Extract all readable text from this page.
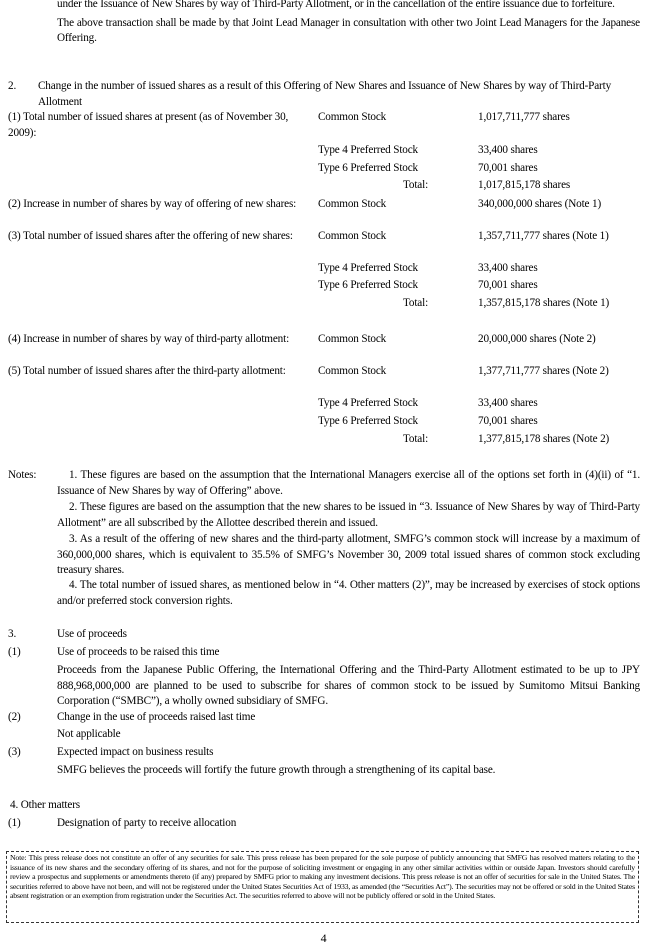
under the Issuance of New Shares by way of Third-Party Allotment, or in the cancellation of the entire issuance due to forfeiture.

The above transaction shall be made by that Joint Lead Manager in consultation with other two Joint Lead Managers for the Japanese Offering.

2. Change in the number of issued shares as a result of this Offering of New Shares and Issuance of New Shares by way of Third-Party Allotment
(1) Total number of issued shares at present (as of November 30, 2009):
Common Stock	1,017,711,777 shares
Type 4 Preferred Stock	33,400 shares
Type 6 Preferred Stock	70,001 shares
Total:	1,017,815,178 shares
(2) Increase in number of shares by way of offering of new shares:	Common Stock	340,000,000 shares (Note 1)
(3) Total number of issued shares after the offering of new shares:	Common Stock	1,357,711,777 shares (Note 1)
Type 4 Preferred Stock	33,400 shares
Type 6 Preferred Stock	70,001 shares
Total:	1,357,815,178 shares (Note 1)
(4) Increase in number of shares by way of third-party allotment:	Common Stock	20,000,000 shares (Note 2)
(5) Total number of issued shares after the third-party allotment:	Common Stock	1,377,711,777 shares (Note 2)
Type 4 Preferred Stock	33,400 shares
Type 6 Preferred Stock	70,001 shares
Total:	1,377,815,178 shares (Note 2)
Notes:	1. These figures are based on the assumption that the International Managers exercise all of the options set forth in (4)(ii) of “1. Issuance of New Shares by way of Offering” above.
2. These figures are based on the assumption that the new shares to be issued in “3. Issuance of New Shares by way of Third-Party Allotment” are all subscribed by the Allottee described therein and issued.
3. As a result of the offering of new shares and the third-party allotment, SMFG’s common stock will increase by a maximum of 360,000,000 shares, which is equivalent to 35.5% of SMFG’s November 30, 2009 total issued shares of common stock excluding treasury shares.
4. The total number of issued shares, as mentioned below in “4. Other matters (2)”, may be increased by exercises of stock options and/or preferred stock conversion rights.
3.	Use of proceeds
(1)	Use of proceeds to be raised this time
Proceeds from the Japanese Public Offering, the International Offering and the Third-Party Allotment estimated to be up to JPY 888,968,000,000 are planned to be used to subscribe for shares of common stock to be issued by Sumitomo Mitsui Banking Corporation (“SMBC”), a wholly owned subsidiary of SMFG.
(2)	Change in the use of proceeds raised last time
Not applicable
(3)	Expected impact on business results
SMFG believes the proceeds will fortify the future growth through a strengthening of its capital base.
4. Other matters
(1)	Designation of party to receive allocation
Note: This press release does not constitute an offer of any securities for sale. This press release has been prepared for the sole purpose of publicly announcing that SMFG has resolved matters relating to the issuance of its new shares and the secondary offering of its shares, and not for the purpose of soliciting investment or engaging in any other similar activities within or outside Japan. Investors should carefully review a prospectus and supplements or amendments thereto (if any) prepared by SMFG prior to making any investment decisions. This press release is not an offer of securities for sale in the United States. The securities referred to above have not been, and will not be registered under the United States Securities Act of 1933, as amended (the “Securities Act”). The securities may not be offered or sold in the United States absent registration or an exemption from registration under the Securities Act. The securities referred to above will not be publicly offered or sold in the United States.
4
